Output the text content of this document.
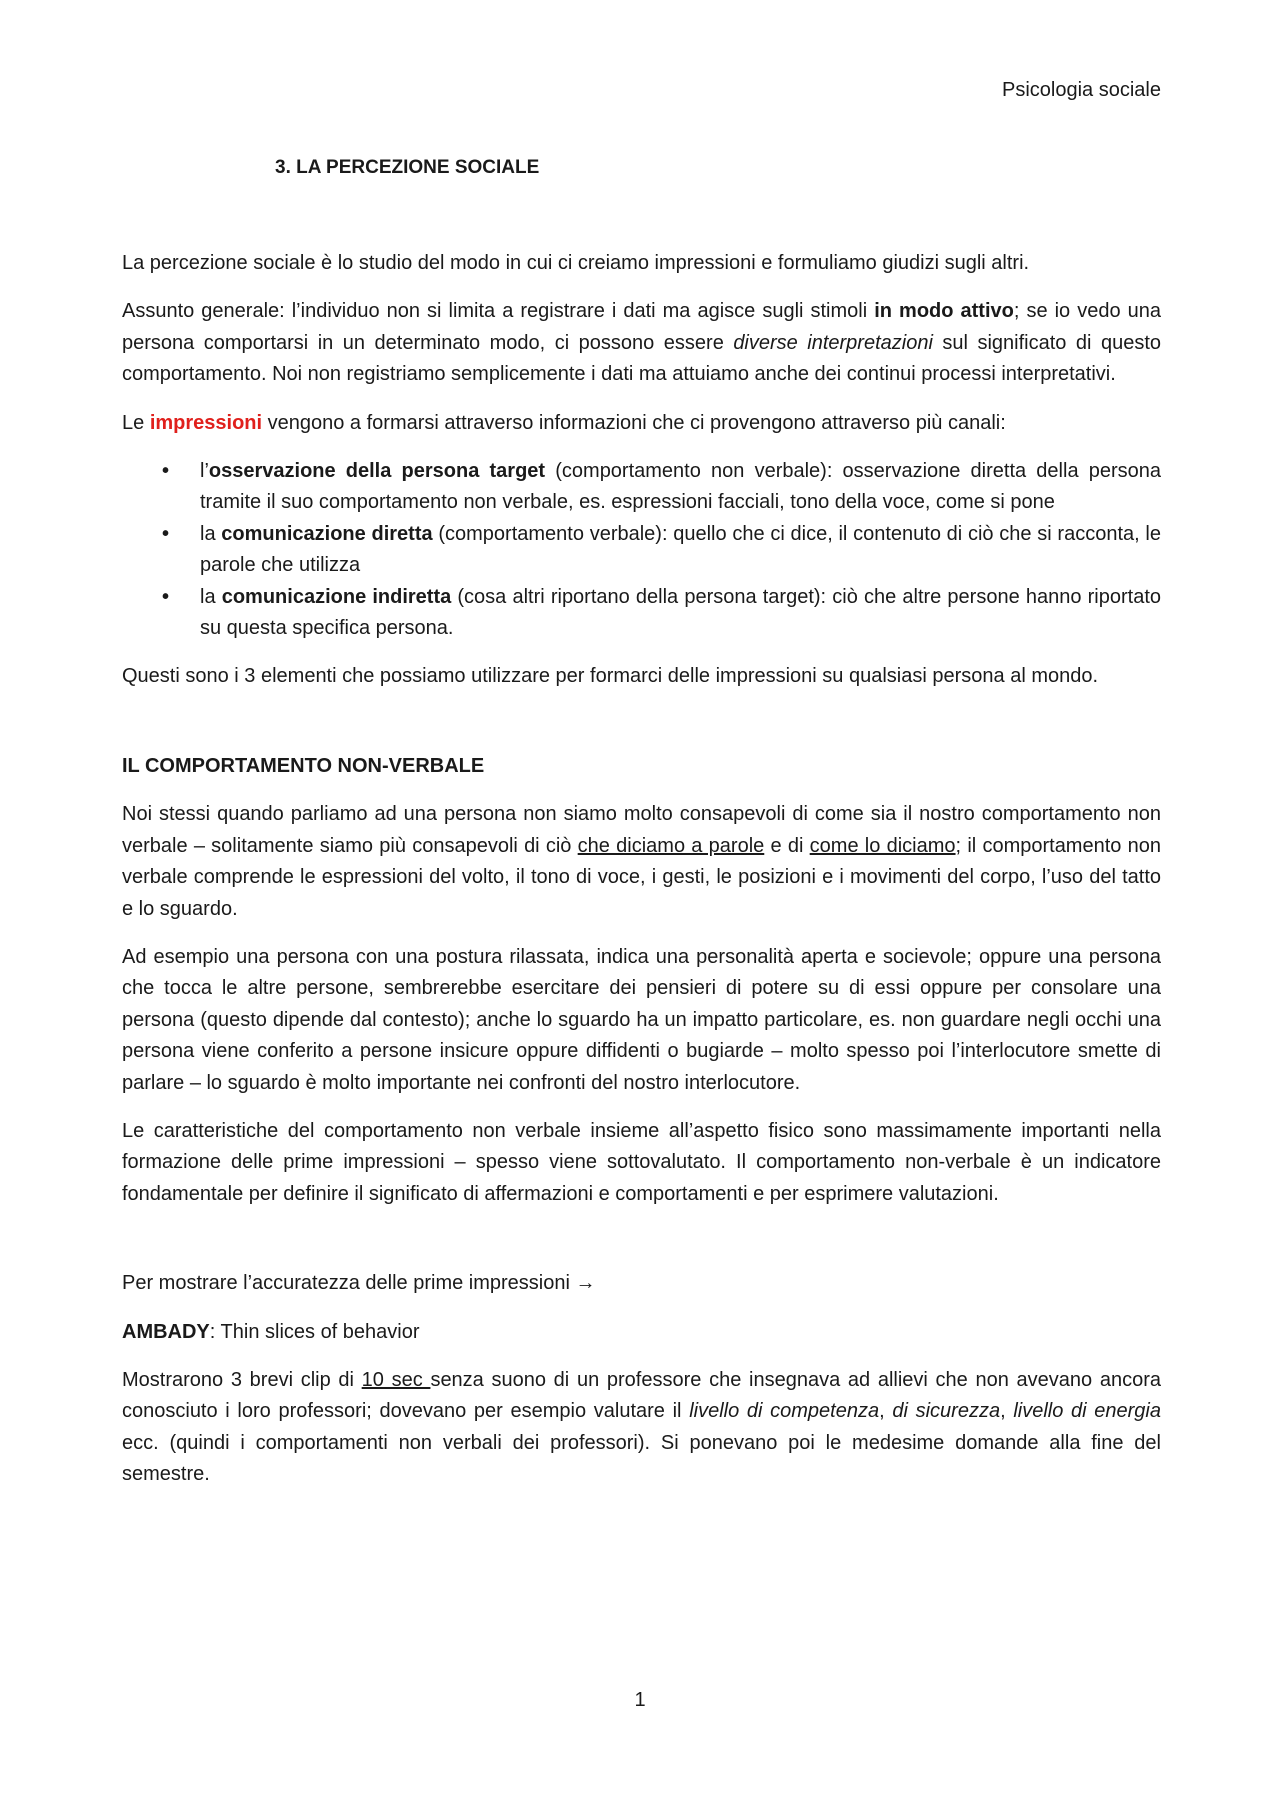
Psicologia sociale
3. LA PERCEZIONE SOCIALE

La percezione sociale è lo studio del modo in cui ci creiamo impressioni e formuliamo giudizi sugli altri.

Assunto generale: l’individuo non si limita a registrare i dati ma agisce sugli stimoli in modo attivo; se io vedo una persona comportarsi in un determinato modo, ci possono essere diverse interpretazioni sul significato di questo comportamento. Noi non registriamo semplicemente i dati ma attuiamo anche dei continui processi interpretativi.

Le impressioni vengono a formarsi attraverso informazioni che ci provengono attraverso più canali:

• l’osservazione della persona target (comportamento non verbale): osservazione diretta della persona tramite il suo comportamento non verbale, es. espressioni facciali, tono della voce, come si pone
• la comunicazione diretta (comportamento verbale): quello che ci dice, il contenuto di ciò che si racconta, le parole che utilizza
• la comunicazione indiretta (cosa altri riportano della persona target): ciò che altre persone hanno riportato su questa specifica persona.

Questi sono i 3 elementi che possiamo utilizzare per formarci delle impressioni su qualsiasi persona al mondo.

IL COMPORTAMENTO NON-VERBALE

Noi stessi quando parliamo ad una persona non siamo molto consapevoli di come sia il nostro comportamento non verbale – solitamente siamo più consapevoli di ciò che diciamo a parole e di come lo diciamo; il comportamento non verbale comprende le espressioni del volto, il tono di voce, i gesti, le posizioni e i movimenti del corpo, l’uso del tatto e lo sguardo.

Ad esempio una persona con una postura rilassata, indica una personalità aperta e socievole; oppure una persona che tocca le altre persone, sembrerebbe esercitare dei pensieri di potere su di essi oppure per consolare una persona (questo dipende dal contesto); anche lo sguardo ha un impatto particolare, es. non guardare negli occhi una persona viene conferito a persone insicure oppure diffidenti o bugiarde – molto spesso poi l’interlocutore smette di parlare – lo sguardo è molto importante nei confronti del nostro interlocutore.

Le caratteristiche del comportamento non verbale insieme all’aspetto fisico sono massimamente importanti nella formazione delle prime impressioni – spesso viene sottovalutato. Il comportamento non-verbale è un indicatore fondamentale per definire il significato di affermazioni e comportamenti e per esprimere valutazioni.

Per mostrare l’accuratezza delle prime impressioni →

AMBADY: Thin slices of behavior

Mostrarono 3 brevi clip di 10 sec senza suono di un professore che insegnava ad allievi che non avevano ancora conosciuto i loro professori; dovevano per esempio valutare il livello di competenza, di sicurezza, livello di energia ecc. (quindi i comportamenti non verbali dei professori). Si ponevano poi le medesime domande alla fine del semestre.

1
